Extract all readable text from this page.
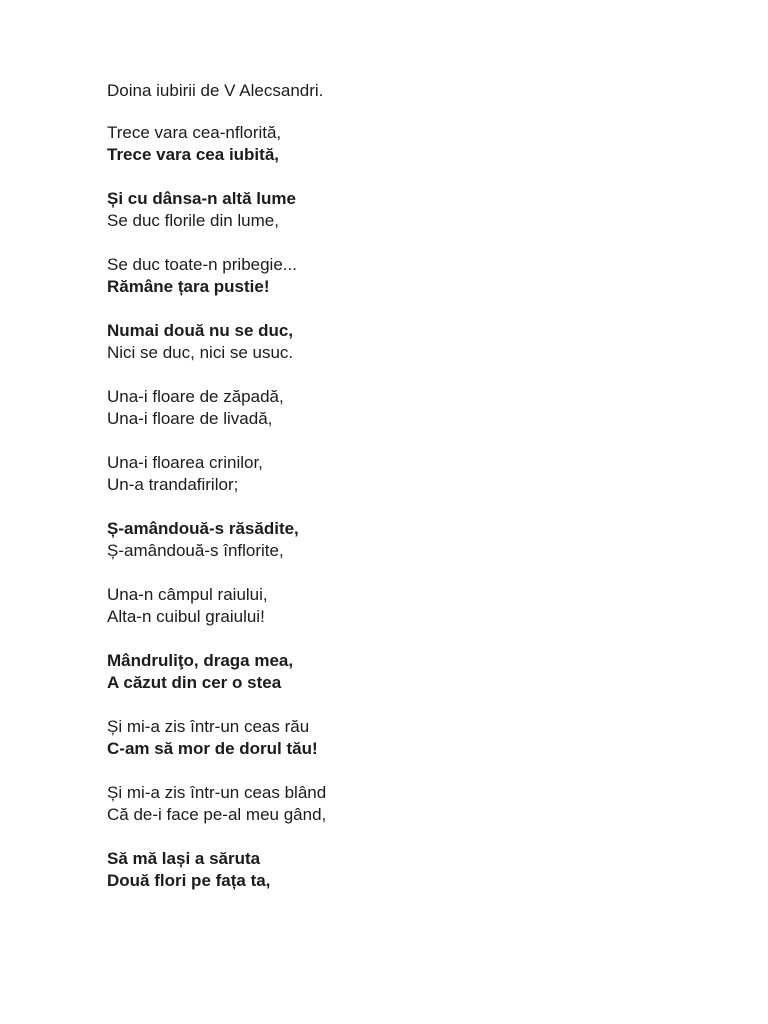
Doina iubirii de V Alecsandri.
Trece vara cea-nflorită,
Trece vara cea iubită,
Și cu dânsa-n altă lume
Se duc florile din lume,
Se duc toate-n pribegie...
Rămâne țara pustie!
Numai două nu se duc,
Nici se duc, nici se usuc.
Una-i floare de zăpadă,
Una-i floare de livadă,
Una-i floarea crinilor,
Un-a trandafirilor;
Ș-amândouă-s răsădite,
Ș-amândouă-s înflorite,
Una-n câmpul raiului,
Alta-n cuibul graiului!
Mândruliţo, draga mea,
A căzut din cer o stea
Și mi-a zis într-un ceas rău
C-am să mor de dorul tău!
Și mi-a zis într-un ceas blând
Că de-i face pe-al meu gând,
Să mă lași a săruta
Două flori pe fața ta,
